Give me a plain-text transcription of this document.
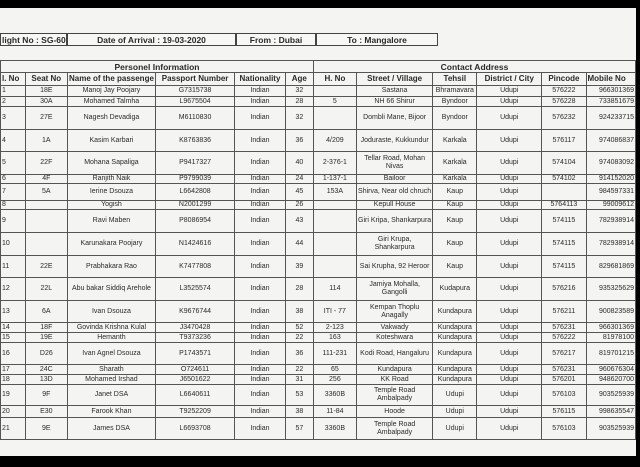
light No : SG-60	Date of Arrival : 19-03-2020	From : Dubai	To : Mangalore
Personel Information						Contact Address					
l. No	Seat No	Name of the passenge	Passport Number	Nationality	Age	H. No	Street / Village	Tehsil	District / City	Pincode	Mobile No
1	18E	Manoj Jay Poojary	G7315738	Indian	32		Sastana	Bhramavara	Udupi	576222	966301369
2	30A	Mohamed Talmha	L9675504	Indian	28	5	NH 66 Shirur	Byndoor	Udupi	576228	733851679
3	27E	Nagesh Devadiga	M6110830	Indian	32		Dombli Mane, Bijoor	Byndoor	Udupi	576232	924233715
4	1A	Kasim Karbari	K8763836	Indian	36	4/209	Joduraste, Kukkundur	Karkala	Udupi	576117	974086837
5	22F	Mohana Sapaliga	P9417327	Indian	40	2-376-1	Tellar Road, Mohan Nivas	Karkala	Udupi	574104	974083092
6	4F	Ranjith Naik	P9799039	Indian	24	1-137-1	Bailoor	Karkala	Udupi	574102	914152020
7	5A	Ierine Dsouza	L6642808	Indian	45	153A	Shirva, Near old chruch	Kaup	Udupi		984597331
8		Yogish	N2001299	Indian	26		Kepull House	Kaup	Udupi	5764113	99009612
9		Ravi Maben	P8086954	Indian	43		Giri Kripa, Shankarpura	Kaup	Udupi	574115	782938914
10		Karunakara Poojary	N1424616	Indian	44		Giri Krupa, Shankarpura	Kaup	Udupi	574115	782938914
11	22E	Prabhakara Rao	K7477808	Indian	39		Sai Krupha, 92 Heroor	Kaup	Udupi	574115	829681869
12	22L	Abu bakar Siddiq Arehole	L3525574	Indian	28	114	Jamiya Mohalla, Gangolli	Kudapura	Udupi	576216	935325629
13	6A	Ivan Dsouza	K9676744	Indian	38	ITI - 77	Kempan Thoplu Anagally	Kundapura	Udupi	576211	900823589
14	18F	Govinda Krishna Kulal	J3470428	Indian	52	2-123	Vakwady	Kundapura	Udupi	576231	966301369
15	19E	Hemanth	T9373236	Indian	22	163	Koteshwara	Kundapura	Udupi	576222	81978100
16	D26	Ivan Agnel Dsouza	P1743571	Indian	36	111-231	Kodi Road, Hangaluru	Kundapura	Udupi	576217	819701215
17	24C	Sharath	O724611	Indian	22	65	Kundapura	Kundapura	Udupi	576231	960676304
18	13D	Mohamed Irshad	J6501622	Indian	31	256	KK Road	Kundapura	Udupi	576201	948620700
19	9F	Janet DSA	L6640611	Indian	53	3360B	Temple Road Ambalpady	Udupi	Udupi	576103	903525939
20	E30	Farook Khan	T9252209	Indian	38	11-84	Hoode	Udupi	Udupi	576115	998635547
21	9E	James DSA	L6693708	Indian	57	3360B	Temple Road Ambalpady	Udupi	Udupi	576103	903525939
